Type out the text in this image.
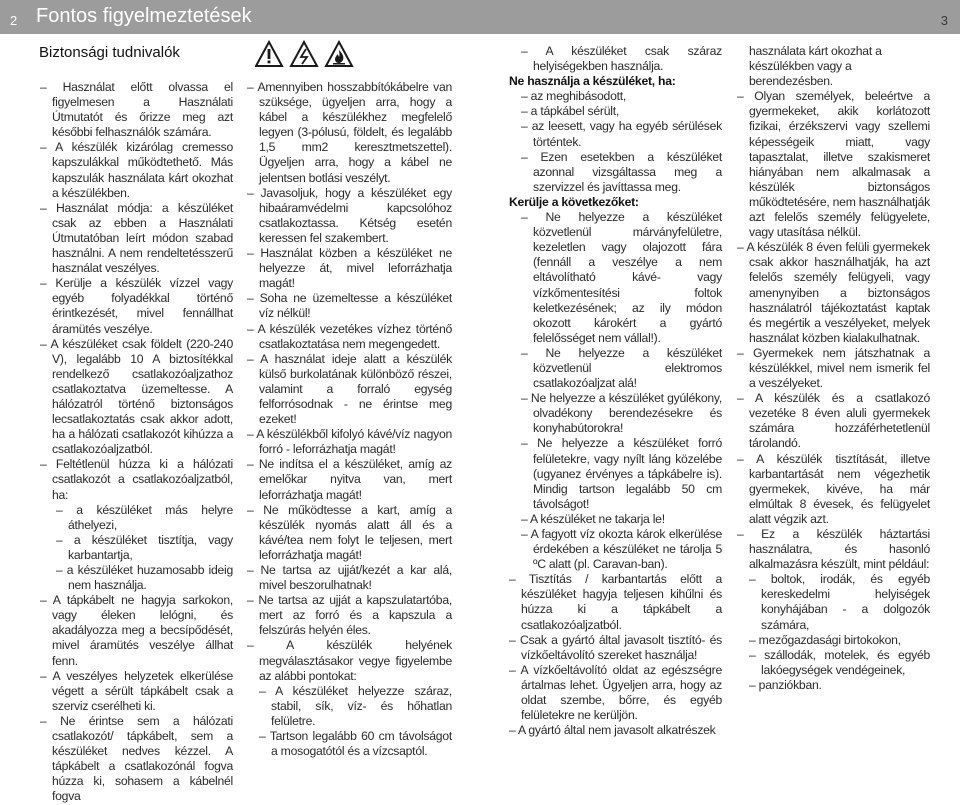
2 Fontos figyelmeztetések	3
Biztonsági tudnivalók

– Használat előtt olvassa el figyelmesen a Használati Útmutatót és őrizze meg azt későbbi felhasználók számára.

– A készülék kizárólag cremesso kapszulákkal működtethető. Más kapszulák használata kárt okozhat a készülékben.

– Használat módja: a készüléket csak az ebben a Használati Útmutatóban leírt módon szabad használni. A nem rendeltetésszerű használat veszélyes.

– Kerülje a készülék vízzel vagy egyéb folyadékkal történő érintkezését, mivel fennállhat áramütés veszélye.

– A készüléket csak földelt (220-240 V), legalább 10 A biztosítékkal rendelkező csatlakozóaljzathoz csatlakoztatva üzemeltesse. A hálózatról történő biztonságos lecsatlakoztatás csak akkor adott, ha a hálózati csatlakozót kihúzza a csatlakozóaljzatból.

– Feltétlenül húzza ki a hálózati csatlakozót a csatlakozóaljzatból, ha:

– a készüléket más helyre áthelyezi,

– a készüléket tisztítja, vagy karbantartja,

– a készüléket huzamosabb ideig nem használja.

– A tápkábelt ne hagyja sarkokon, vagy éleken lelógni, és akadályozza meg a becsípődését, mivel áramütés veszélye állhat fenn.

– A veszélyes helyzetek elkerülése végett a sérült tápkábelt csak a szerviz cserélheti ki.

– Ne érintse sem a hálózati csatlakozót/ tápkábelt, sem a készüléket nedves kézzel. A tápkábelt a csatlakozónál fogva húzza ki, sohasem a kábelnél fogva

– Amennyiben hosszabbítókábelre van szüksége, ügyeljen arra, hogy a kábel a készülékhez megfelelő legyen (3-pólusú, földelt, és legalább 1,5 mm2 keresztmetszettel). Ügyeljen arra, hogy a kábel ne jelentsen botlási veszélyt.

– Javasoljuk, hogy a készüléket egy hibaáramvédelmi kapcsolóhoz csatlakoztassa. Kétség esetén keressen fel szakembert.

– Használat közben a készüléket ne helyezze át, mivel leforrázhatja magát!

– Soha ne üzemeltesse a készüléket víz nélkül!

– A készülék vezetékes vízhez történő csatlakoztatása nem megengedett.

– A használat ideje alatt a készülék külső burkolatának különböző részei, valamint a forraló egység felforrósodnak - ne érintse meg ezeket!

– A készülékből kifolyó kávé/víz nagyon forró - leforrázhatja magát!

– Ne indítsa el a készüléket, amíg az emelőkar nyitva van, mert leforrázhatja magát!

– Ne működtesse a kart, amíg a készülék nyomás alatt áll és a kávé/tea nem folyt le teljesen, mert leforrázhatja magát!

– Ne tartsa az ujját/kezét a kar alá, mivel beszorulhatnak!

– Ne tartsa az ujját a kapszulatartóba, mert az forró és a kapszula a felszúrás helyén éles.

– A készülék helyének megválasztásakor vegye figyelembe az alábbi pontokat:

– A készüléket helyezze száraz, stabil, sík, víz- és hőhatlan felületre.

– Tartson legalább 60 cm távolságot a mosogatótól és a vízcsaptól.

– A készüléket csak száraz helyiségekben használja.

Ne használja a készüléket, ha:

– az meghibásodott,

– a tápkábel sérült,

– az leesett, vagy ha egyéb sérülések történtek.

– Ezen esetekben a készüléket azonnal vizsgáltassa meg a szervizzel és javíttassa meg.

Kerülje a következőket:

– Ne helyezze a készüléket közvetlenül márványfelületre, kezeletlen vagy olajozott fára (fennáll a veszélye a nem eltávolítható kávé- vagy vízkőmentesítési foltok keletkezésének; az ily módon okozott károkért a gyártó felelősséget nem vállal!).

– Ne helyezze a készüléket közvetlenül elektromos csatlakozóaljzat alá!

– Ne helyezze a készüléket gyúlékony, olvadékony berendezésekre és konyhabútorokra!

– Ne helyezze a készüléket forró felületekre, vagy nyílt láng közelébe (ugyanez érvényes a tápkábelre is). Mindig tartson legalább 50 cm távolságot!

– A készüléket ne takarja le!

– A fagyott víz okozta károk elkerülése érdekében a készüléket ne tárolja 5 ºC alatt (pl. Caravan-ban).

– Tisztítás / karbantartás előtt a készüléket hagyja teljesen kihűlni és húzza ki a tápkábelt a csatlakozóaljzatból.

– Csak a gyártó által javasolt tisztító- és vízkőeltávolító szereket használja!

– A vízkőeltávolító oldat az egészségre ártalmas lehet. Ügyeljen arra, hogy az oldat szembe, bőrre, és egyéb felületekre ne kerüljön.

– A gyártó által nem javasolt alkatrészek

használata kárt okozhat a készülékben vagy a berendezésben.

– Olyan személyek, beleértve a gyermekeket, akik korlátozott fizikai, érzékszervi vagy szellemi képességeik miatt, vagy tapasztalat, illetve szakismeret hiányában nem alkalmasak a készülék biztonságos működtetésére, nem használhatják azt felelős személy felügyelete, vagy utasítása nélkül.

– A készülék 8 éven felüli gyermekek csak akkor használhatják, ha azt felelős személy felügyeli, vagy amenynyiben a biztonságos használatról tájékoztatást kaptak és megértik a veszélyeket, melyek használat közben kialakulhatnak.

– Gyermekek nem játszhatnak a készülékkel, mivel nem ismerik fel a veszélyeket.

– A készülék és a csatlakozó vezetéke 8 éven aluli gyermekek számára hozzáférhetetlenül tárolandó.

– A készülék tisztítását, illetve karbantartását nem végezhetik gyermekek, kivéve, ha már elmúltak 8 évesek, és felügyelet alatt végzik azt.

– Ez a készülék háztartási használatra, és hasonló alkalmazásra készült, mint például:

– boltok, irodák, és egyéb kereskedelmi helyiségek konyhájában - a dolgozók számára,

– mezőgazdasági birtokokon,

– szállodák, motelek, és egyéb lakóegységek vendégeinek,

– panziókban.
